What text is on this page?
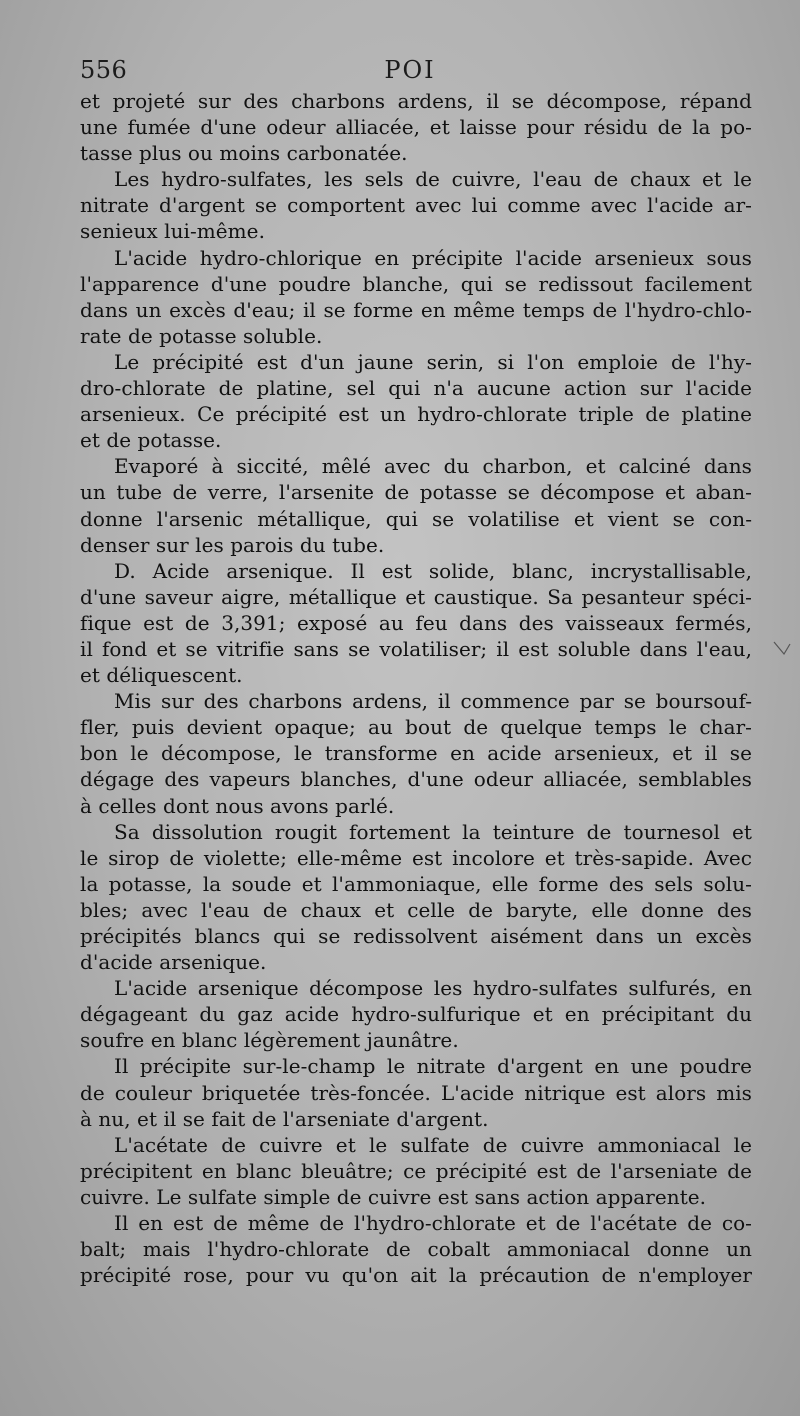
556	POI
et projeté sur des charbons ardens, il se décompose, répand
une fumée d'une odeur alliacée, et laisse pour résidu de la po-
tasse plus ou moins carbonatée.
Les hydro-sulfates, les sels de cuivre, l'eau de chaux et le
nitrate d'argent se comportent avec lui comme avec l'acide ar-
senieux lui-même.
L'acide hydro-chlorique en précipite l'acide arsenieux sous
l'apparence d'une poudre blanche, qui se redissout facilement
dans un excès d'eau; il se forme en même temps de l'hydro-chlo-
rate de potasse soluble.
Le précipité est d'un jaune serin, si l'on emploie de l'hy-
dro-chlorate de platine, sel qui n'a aucune action sur l'acide
arsenieux. Ce précipité est un hydro-chlorate triple de platine
et de potasse.
Evaporé à siccité, mêlé avec du charbon, et calciné dans
un tube de verre, l'arsenite de potasse se décompose et aban-
donne l'arsenic métallique, qui se volatilise et vient se con-
denser sur les parois du tube.
D. Acide arsenique. Il est solide, blanc, incrystallisable,
d'une saveur aigre, métallique et caustique. Sa pesanteur spéci-
fique est de 3,391; exposé au feu dans des vaisseaux fermés,
il fond et se vitrifie sans se volatiliser; il est soluble dans l'eau,
et déliquescent.
Mis sur des charbons ardens, il commence par se boursouf-
fler, puis devient opaque; au bout de quelque temps le char-
bon le décompose, le transforme en acide arsenieux, et il se
dégage des vapeurs blanches, d'une odeur alliacée, semblables
à celles dont nous avons parlé.
Sa dissolution rougit fortement la teinture de tournesol et
le sirop de violette; elle-même est incolore et très-sapide. Avec
la potasse, la soude et l'ammoniaque, elle forme des sels solu-
bles; avec l'eau de chaux et celle de baryte, elle donne des
précipités blancs qui se redissolvent aisément dans un excès
d'acide arsenique.
L'acide arsenique décompose les hydro-sulfates sulfurés, en
dégageant du gaz acide hydro-sulfurique et en précipitant du
soufre en blanc légèrement jaunâtre.
Il précipite sur-le-champ le nitrate d'argent en une poudre
de couleur briquetée très-foncée. L'acide nitrique est alors mis
à nu, et il se fait de l'arseniate d'argent.
L'acétate de cuivre et le sulfate de cuivre ammoniacal le
précipitent en blanc bleuâtre; ce précipité est de l'arseniate de
cuivre. Le sulfate simple de cuivre est sans action apparente.
Il en est de même de l'hydro-chlorate et de l'acétate de co-
balt; mais l'hydro-chlorate de cobalt ammoniacal donne un
précipité rose, pour vu qu'on ait la précaution de n'employer
